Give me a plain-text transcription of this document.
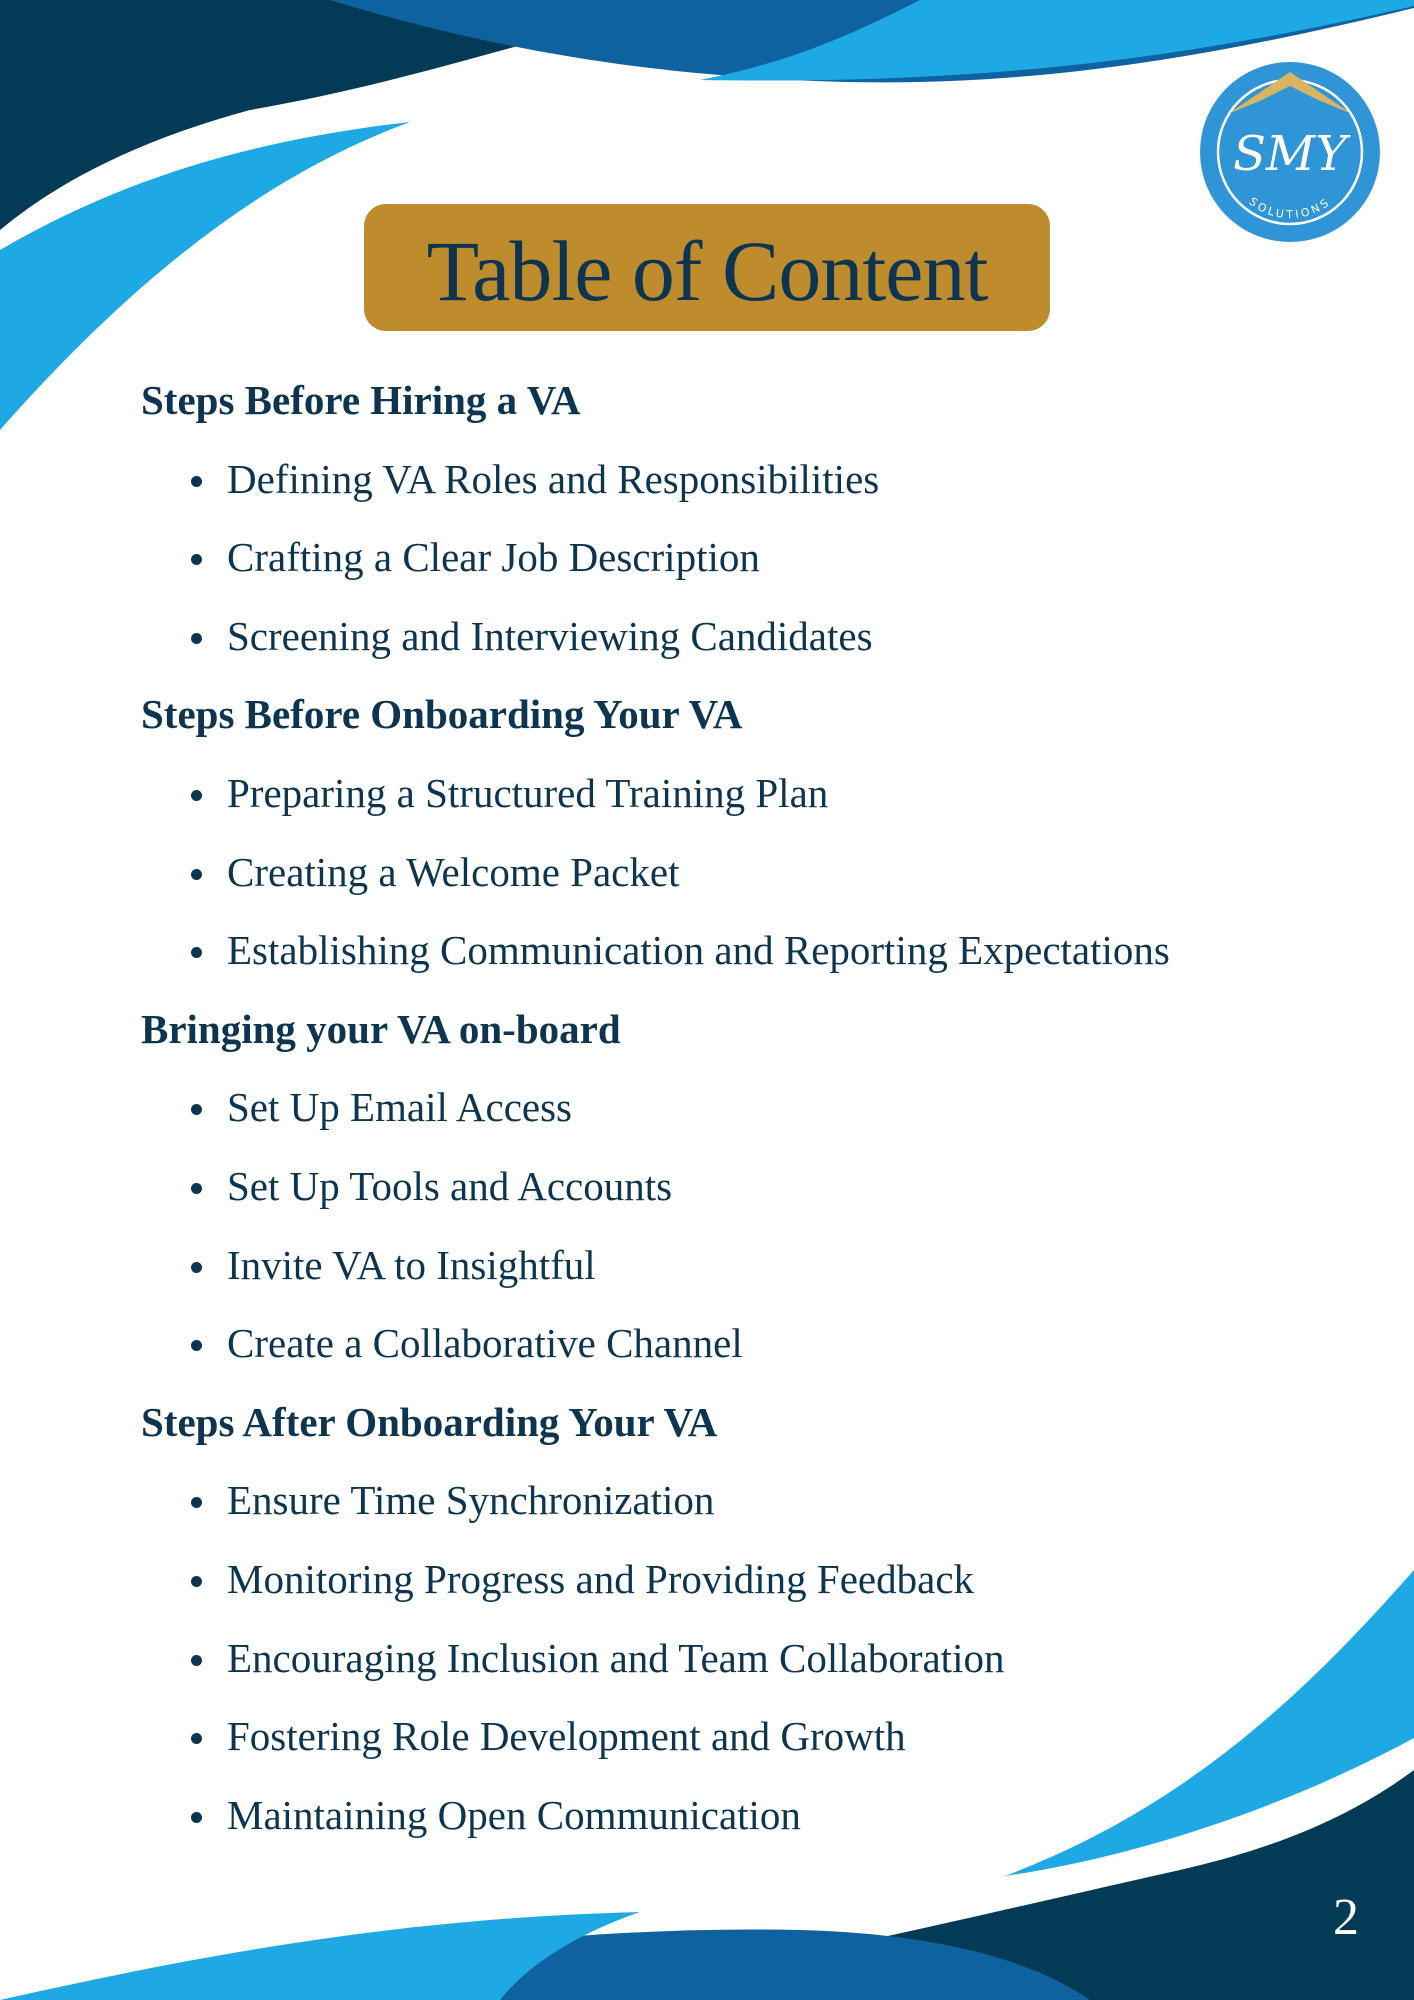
SMY
SOLUTIONS
Table of Content
Steps Before Hiring a VA
Defining VA Roles and Responsibilities
Crafting a Clear Job Description
Screening and Interviewing Candidates
Steps Before Onboarding Your VA
Preparing a Structured Training Plan
Creating a Welcome Packet
Establishing Communication and Reporting Expectations
Bringing your VA on-board
Set Up Email Access
Set Up Tools and Accounts
Invite VA to Insightful
Create a Collaborative Channel
Steps After Onboarding Your VA
Ensure Time Synchronization
Monitoring Progress and Providing Feedback
Encouraging Inclusion and Team Collaboration
Fostering Role Development and Growth
Maintaining Open Communication
2
